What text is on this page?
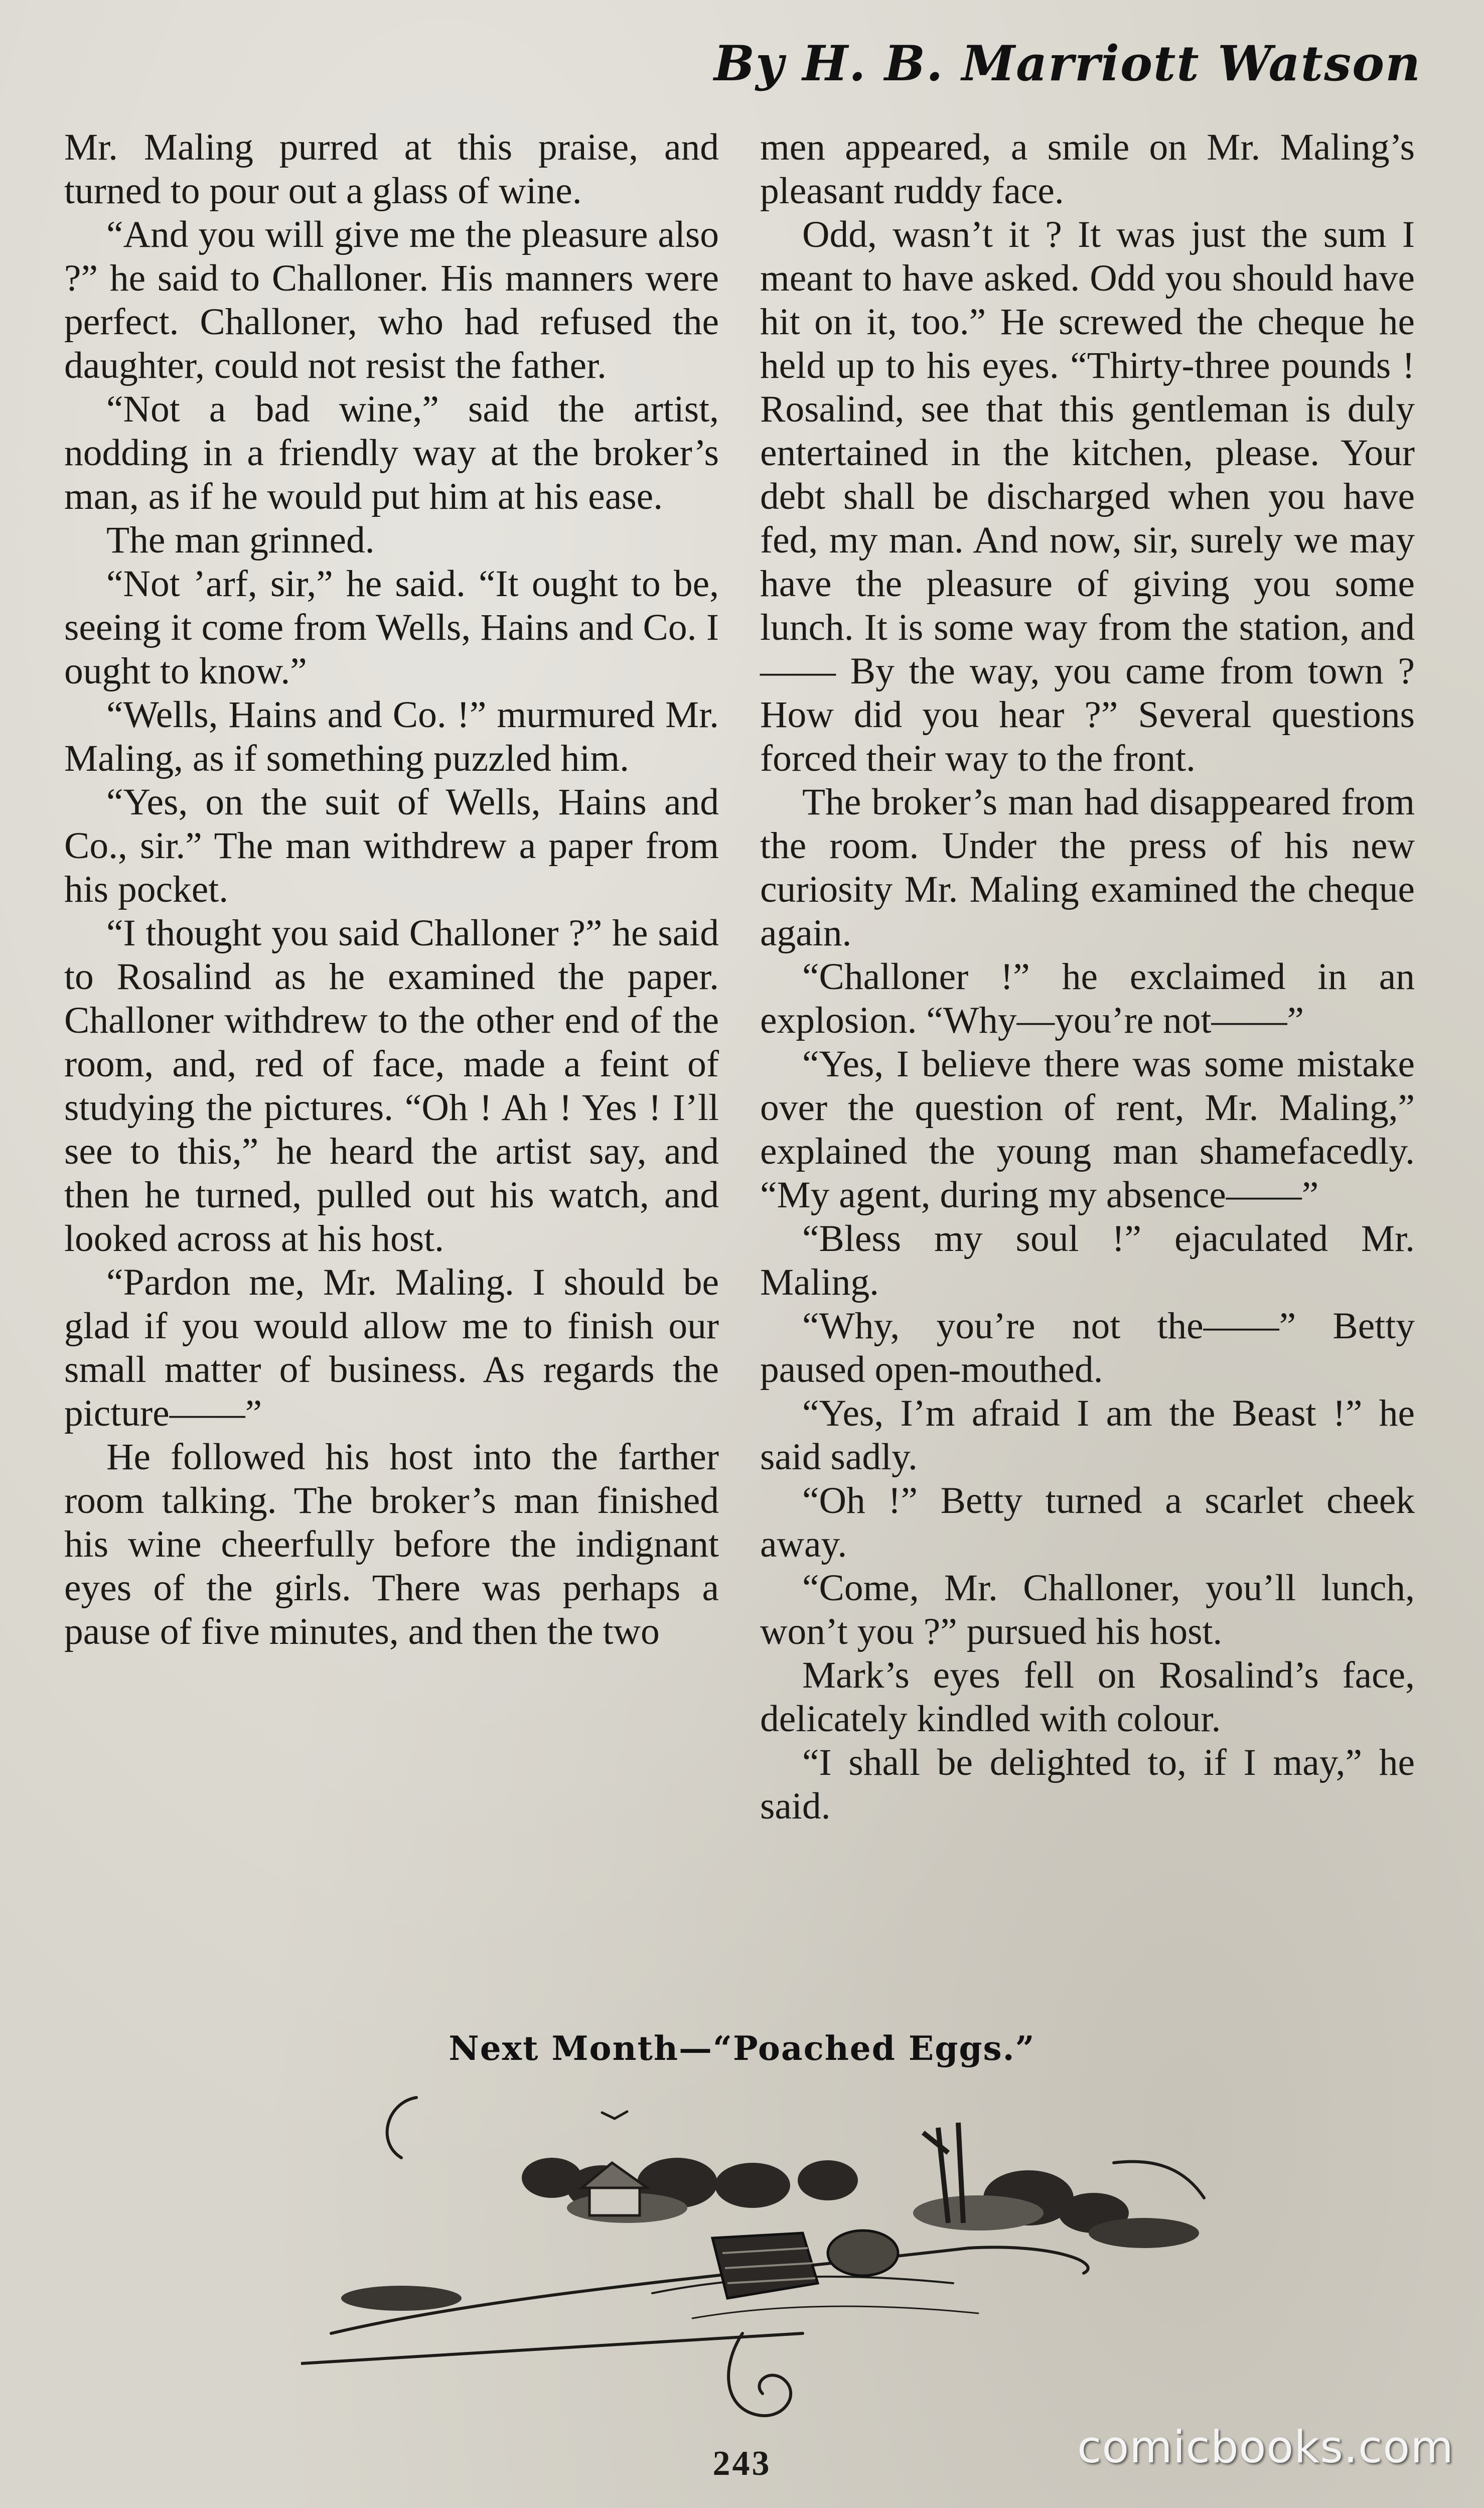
By H. B. Marriott Watson

Mr. Maling purred at this praise, and turned to pour out a glass of wine.

“And you will give me the pleasure also ?” he said to Challoner. His manners were perfect. Challoner, who had refused the daughter, could not resist the father.

“Not a bad wine,” said the artist, nodding in a friendly way at the broker’s man, as if he would put him at his ease.

The man grinned.

“Not ’arf, sir,” he said. “It ought to be, seeing it come from Wells, Hains and Co. I ought to know.”

“Wells, Hains and Co. !” murmured Mr. Maling, as if something puzzled him.

“Yes, on the suit of Wells, Hains and Co., sir.” The man withdrew a paper from his pocket.

“I thought you said Challoner ?” he said to Rosalind as he examined the paper. Challoner withdrew to the other end of the room, and, red of face, made a feint of studying the pictures. “Oh ! Ah ! Yes ! I’ll see to this,” he heard the artist say, and then he turned, pulled out his watch, and looked across at his host.

“Pardon me, Mr. Maling. I should be glad if you would allow me to finish our small matter of business. As regards the picture——”

He followed his host into the farther room talking. The broker’s man finished his wine cheerfully before the indignant eyes of the girls. There was perhaps a pause of five minutes, and then the two

men appeared, a smile on Mr. Maling’s pleasant ruddy face.

Odd, wasn’t it ? It was just the sum I meant to have asked. Odd you should have hit on it, too.” He screwed the cheque he held up to his eyes. “Thirty-three pounds ! Rosalind, see that this gentleman is duly entertained in the kitchen, please. Your debt shall be discharged when you have fed, my man. And now, sir, surely we may have the pleasure of giving you some lunch. It is some way from the station, and—— By the way, you came from town ? How did you hear ?” Several questions forced their way to the front.

The broker’s man had disappeared from the room. Under the press of his new curiosity Mr. Maling examined the cheque again.

“Challoner !” he exclaimed in an explosion. “Why—you’re not——”

“Yes, I believe there was some mistake over the question of rent, Mr. Maling,” explained the young man shamefacedly. “My agent, during my absence——”

“Bless my soul !” ejaculated Mr. Maling.

“Why, you’re not the——” Betty paused open-mouthed.

“Yes, I’m afraid I am the Beast !” he said sadly.

“Oh !” Betty turned a scarlet cheek away.

“Come, Mr. Challoner, you’ll lunch, won’t you ?” pursued his host.

Mark’s eyes fell on Rosalind’s face, delicately kindled with colour.

“I shall be delighted to, if I may,” he said.

Next Month—“Poached Eggs.”
243	comicbooks.com
